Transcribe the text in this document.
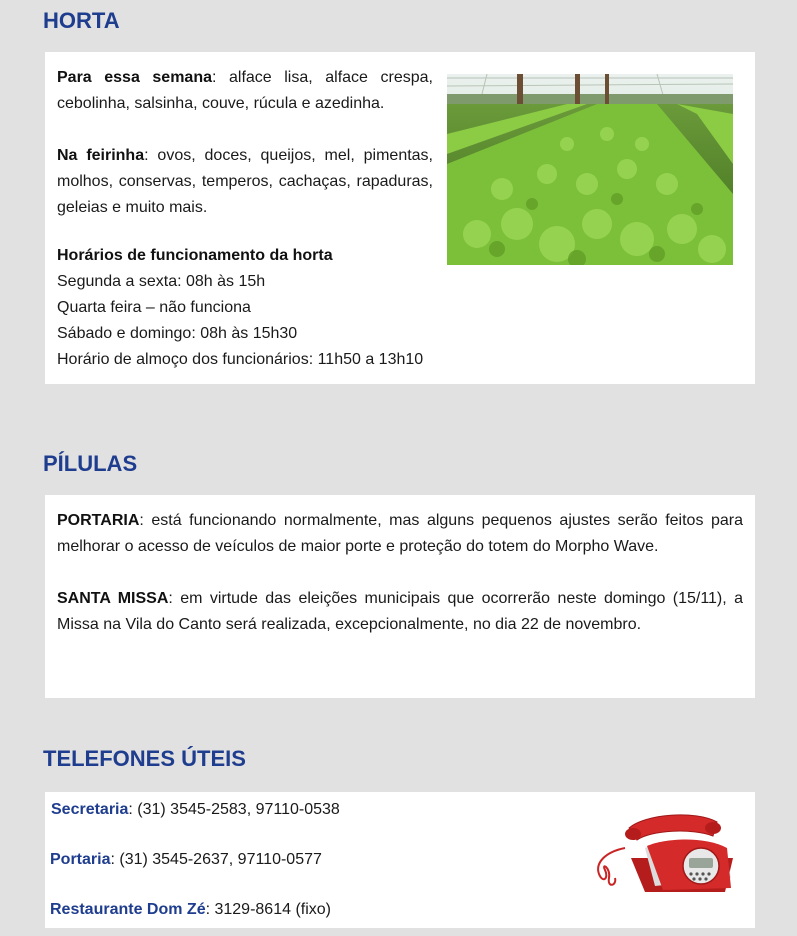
HORTA

Para essa semana: alface lisa, alface crespa, cebolinha, salsinha, couve, rúcula e azedinha.

Na feirinha: ovos, doces, queijos, mel, pimentas, molhos, conservas, temperos, cachaças, rapaduras, geleias e muito mais.

Horários de funcionamento da horta

Segunda a sexta: 08h às 15h

Quarta feira – não funciona

Sábado e domingo: 08h às 15h30

Horário de almoço dos funcionários: 11h50 a 13h10

PÍLULAS

PORTARIA: está funcionando normalmente, mas alguns pequenos ajustes serão feitos para melhorar o acesso de veículos de maior porte e proteção do totem do Morpho Wave.

SANTA MISSA: em virtude das eleições municipais que ocorrerão neste domingo (15/11), a Missa na Vila do Canto será realizada, excepcionalmente, no dia 22 de novembro.

TELEFONES ÚTEIS

Secretaria: (31) 3545-2583, 97110-0538

Portaria: (31) 3545-2637, 97110-0577

Restaurante Dom Zé: 3129-8614 (fixo)
